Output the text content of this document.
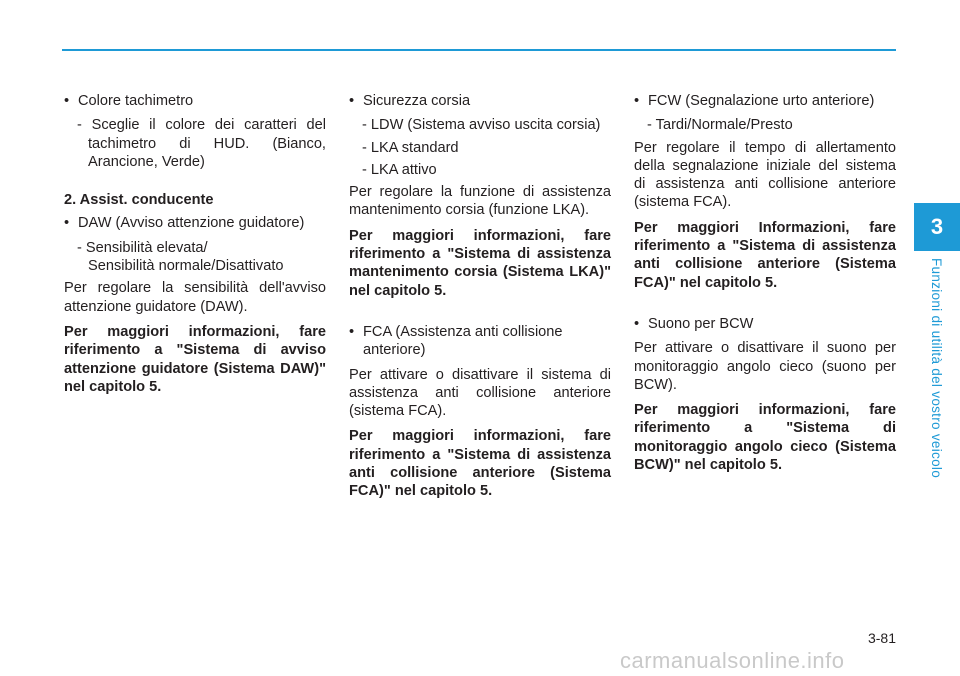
• Colore tachimetro

- Sceglie il colore dei caratteri del tachimetro di HUD. (Bianco, Arancione, Verde)

2. Assist. conducente

• DAW (Avviso attenzione guidatore)

- Sensibilità elevata/

Sensibilità normale/Disattivato

Per regolare la sensibilità dell'avviso attenzione guidatore (DAW).

Per maggiori informazioni, fare riferimento a "Sistema di avviso attenzione guidatore (Sistema DAW)" nel capitolo 5.

• Sicurezza corsia

- LDW (Sistema avviso uscita corsia)

- LKA standard

- LKA attivo

Per regolare la funzione di assistenza mantenimento corsia (funzione LKA).

Per maggiori informazioni, fare riferimento a "Sistema di assistenza mantenimento corsia (Sistema LKA)" nel capitolo 5.

• FCA (Assistenza anti collisione anteriore)

Per attivare o disattivare il sistema di assistenza anti collisione anteriore (sistema FCA).

Per maggiori informazioni, fare riferimento a "Sistema di assistenza anti collisione anteriore (Sistema FCA)" nel capitolo 5.

• FCW (Segnalazione urto anteriore)

- Tardi/Normale/Presto

Per regolare il tempo di allertamento della segnalazione iniziale del sistema di assistenza anti collisione anteriore (sistema FCA).

Per maggiori Informazioni, fare riferimento a "Sistema di assistenza anti collisione anteriore (Sistema FCA)" nel capitolo 5.

• Suono per BCW

Per attivare o disattivare il suono per monitoraggio angolo cieco (suono per BCW).

Per maggiori informazioni, fare riferimento a "Sistema di monitoraggio angolo cieco (Sistema BCW)" nel capitolo 5.

3
Funzioni di utilità del vostro veicolo
3-81
carmanualsonline.info
